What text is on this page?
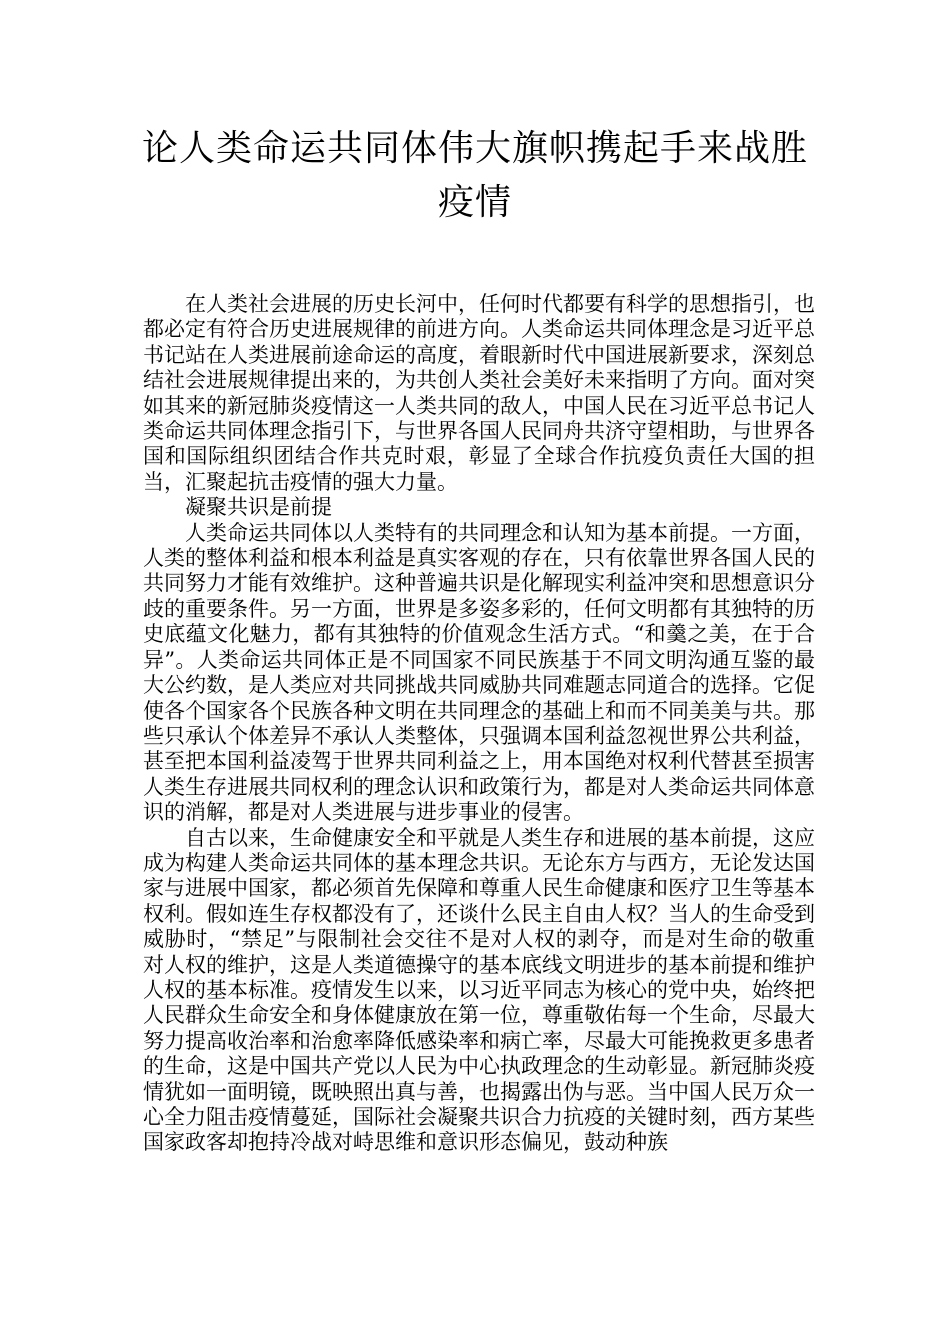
论人类命运共同体伟大旗帜携起手来战胜疫情

在人类社会进展的历史长河中，任何时代都要有科学的思想指引，也都必定有符合历史进展规律的前进方向。人类命运共同体理念是习近平总书记站在人类进展前途命运的高度，着眼新时代中国进展新要求，深刻总结社会进展规律提出来的，为共创人类社会美好未来指明了方向。面对突如其来的新冠肺炎疫情这一人类共同的敌人，中国人民在习近平总书记人类命运共同体理念指引下，与世界各国人民同舟共济守望相助，与世界各国和国际组织团结合作共克时艰，彰显了全球合作抗疫负责任大国的担当，汇聚起抗击疫情的强大力量。

凝聚共识是前提

人类命运共同体以人类特有的共同理念和认知为基本前提。一方面，人类的整体利益和根本利益是真实客观的存在，只有依靠世界各国人民的共同努力才能有效维护。这种普遍共识是化解现实利益冲突和思想意识分歧的重要条件。另一方面，世界是多姿多彩的，任何文明都有其独特的历史底蕴文化魅力，都有其独特的价值观念生活方式。“和羹之美，在于合异”。人类命运共同体正是不同国家不同民族基于不同文明沟通互鉴的最大公约数，是人类应对共同挑战共同威胁共同难题志同道合的选择。它促使各个国家各个民族各种文明在共同理念的基础上和而不同美美与共。那些只承认个体差异不承认人类整体，只强调本国利益忽视世界公共利益，甚至把本国利益凌驾于世界共同利益之上，用本国绝对权利代替甚至损害人类生存进展共同权利的理念认识和政策行为，都是对人类命运共同体意识的消解，都是对人类进展与进步事业的侵害。

自古以来，生命健康安全和平就是人类生存和进展的基本前提，这应成为构建人类命运共同体的基本理念共识。无论东方与西方，无论发达国家与进展中国家，都必须首先保障和尊重人民生命健康和医疗卫生等基本权利。假如连生存权都没有了，还谈什么民主自由人权？当人的生命受到威胁时，“禁足”与限制社会交往不是对人权的剥夺，而是对生命的敬重对人权的维护，这是人类道德操守的基本底线文明进步的基本前提和维护人权的基本标准。疫情发生以来，以习近平同志为核心的党中央，始终把人民群众生命安全和身体健康放在第一位，尊重敬佑每一个生命，尽最大努力提高收治率和治愈率降低感染率和病亡率，尽最大可能挽救更多患者的生命，这是中国共产党以人民为中心执政理念的生动彰显。新冠肺炎疫情犹如一面明镜，既映照出真与善，也揭露出伪与恶。当中国人民万众一心全力阻击疫情蔓延，国际社会凝聚共识合力抗疫的关键时刻，西方某些国家政客却抱持冷战对峙思维和意识形态偏见，鼓动种族
